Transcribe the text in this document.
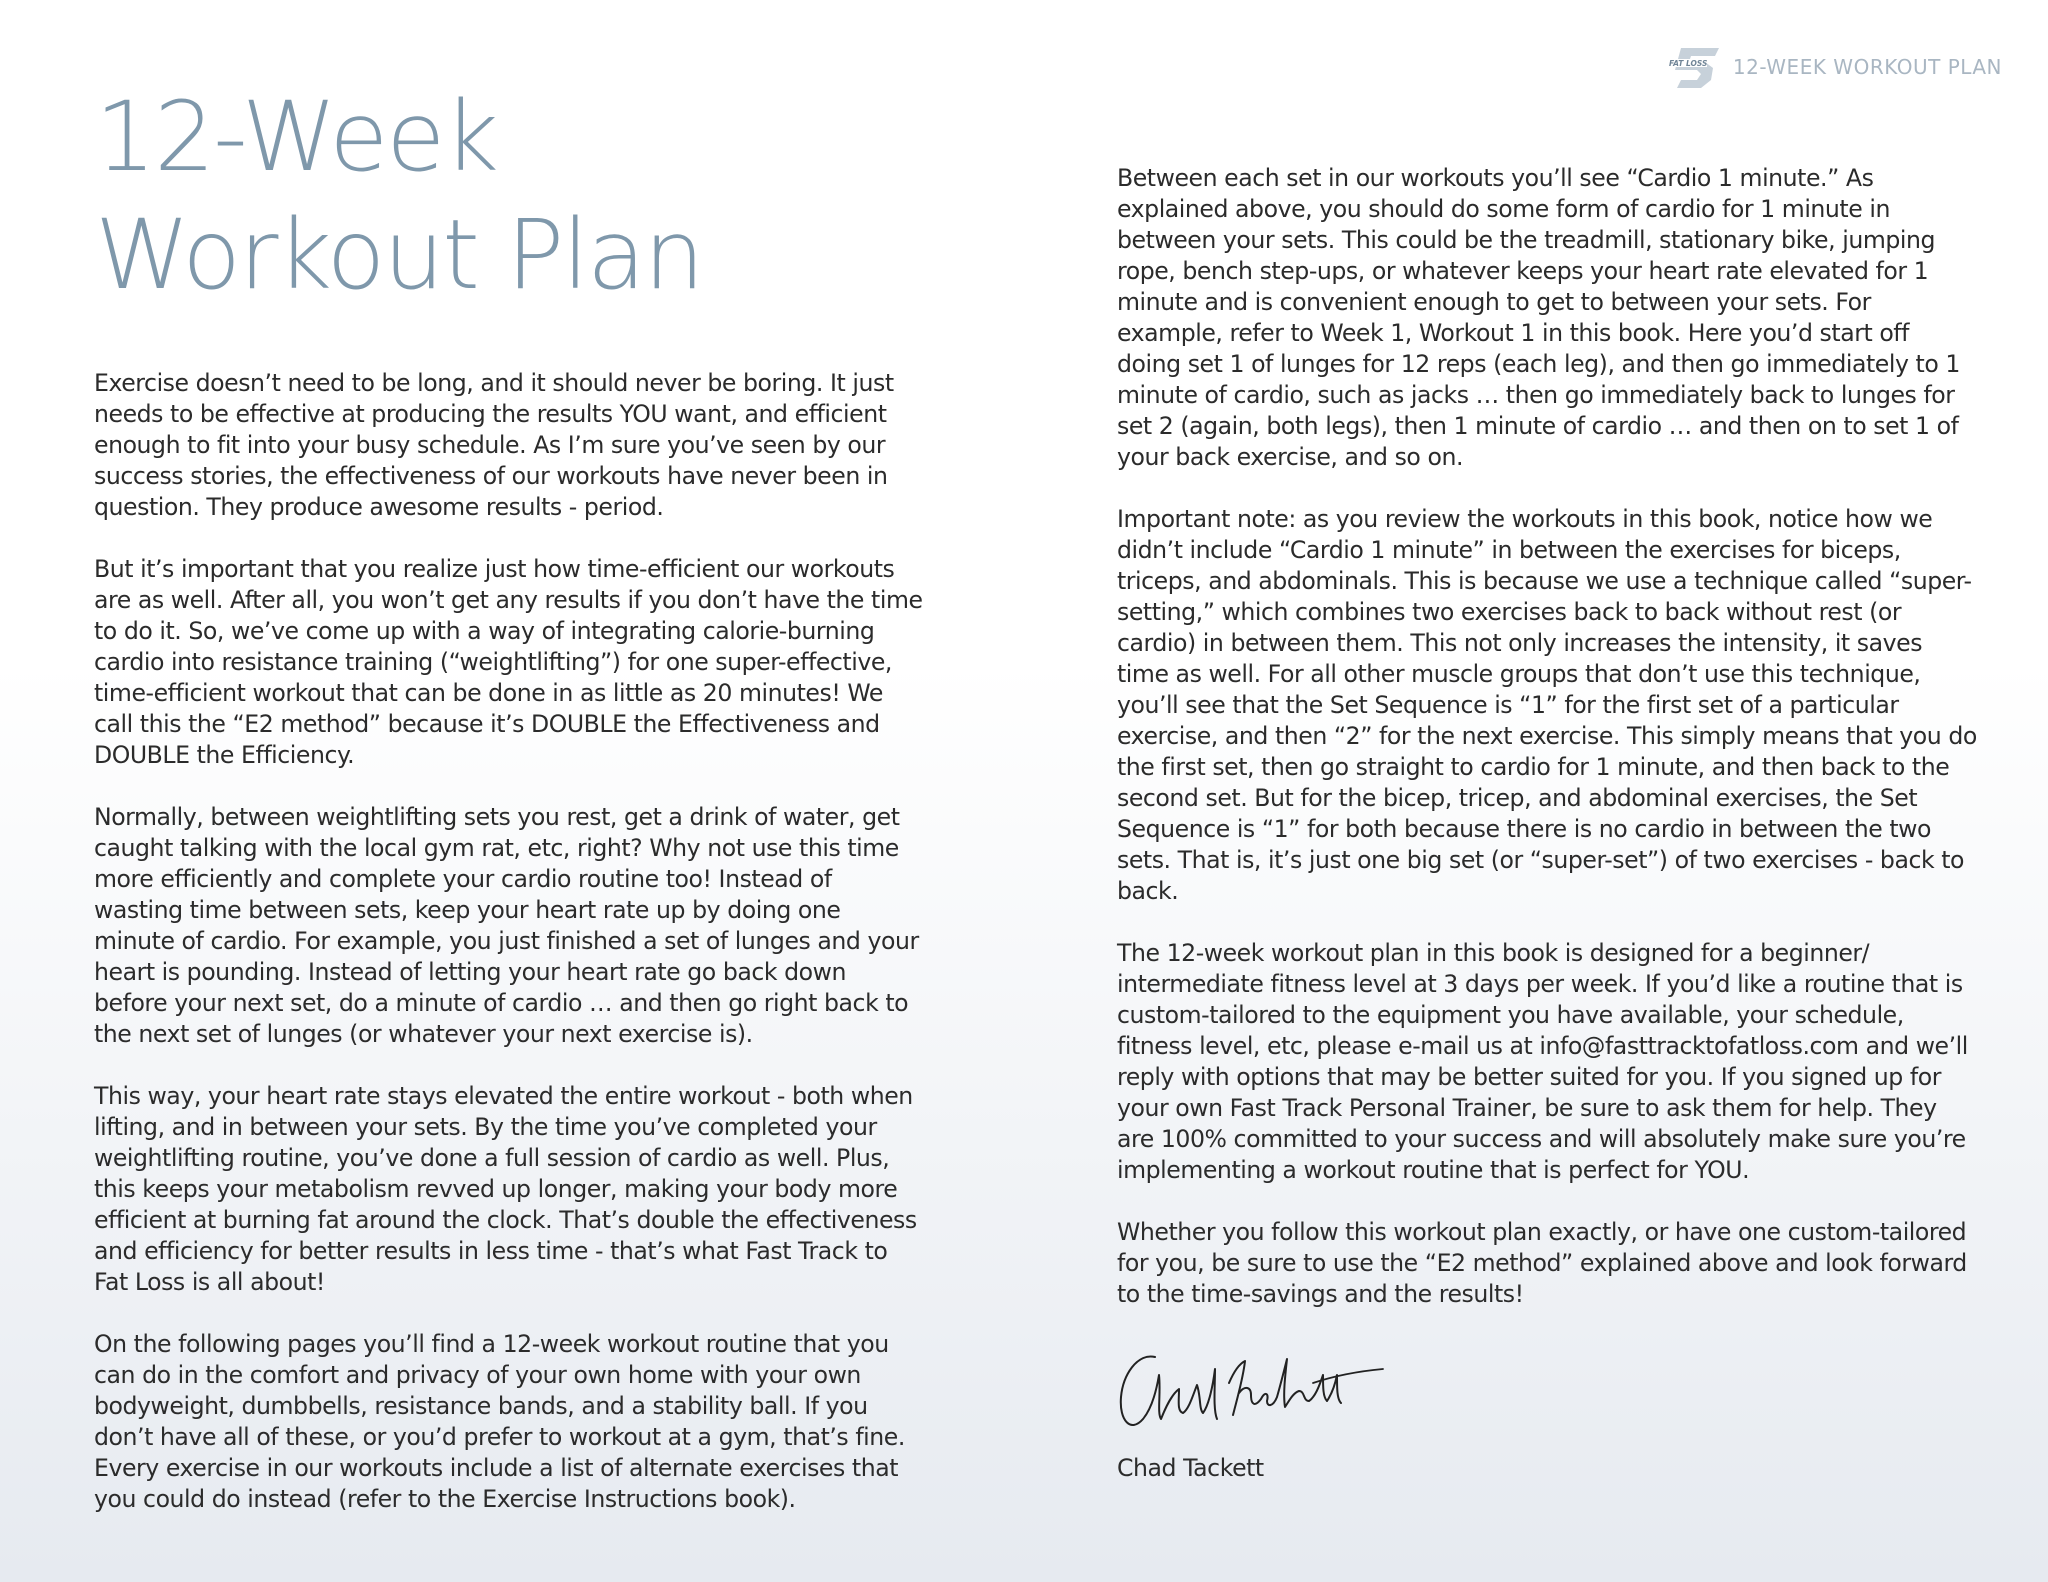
FAT LOSS
5
12-WEEK WORKOUT PLAN
12-Week
Workout Plan

Exercise doesn’t need to be long, and it should never be boring. It just needs to be effective at producing the results YOU want, and efficient enough to fit into your busy schedule. As I’m sure you’ve seen by our success stories, the effectiveness of our workouts have never been in question. They produce awesome results - period.

But it’s important that you realize just how time-efficient our workouts are as well. After all, you won’t get any results if you don’t have the time to do it. So, we’ve come up with a way of integrating calorie-burning cardio into resistance training (“weightlifting”) for one super-effective, time-efficient workout that can be done in as little as 20 minutes! We call this the “E2 method” because it’s DOUBLE the Effectiveness and DOUBLE the Efficiency.

Normally, between weightlifting sets you rest, get a drink of water, get caught talking with the local gym rat, etc, right? Why not use this time more efficiently and complete your cardio routine too! Instead of wasting time between sets, keep your heart rate up by doing one minute of cardio. For example, you just finished a set of lunges and your heart is pounding. Instead of letting your heart rate go back down before your next set, do a minute of cardio … and then go right back to the next set of lunges (or whatever your next exercise is).

This way, your heart rate stays elevated the entire workout - both when lifting, and in between your sets. By the time you’ve completed your weightlifting routine, you’ve done a full session of cardio as well. Plus, this keeps your metabolism revved up longer, making your body more efficient at burning fat around the clock. That’s double the effectiveness and efficiency for better results in less time - that’s what Fast Track to Fat Loss is all about!

On the following pages you’ll find a 12-week workout routine that you can do in the comfort and privacy of your own home with your own bodyweight, dumbbells, resistance bands, and a stability ball. If you don’t have all of these, or you’d prefer to workout at a gym, that’s fine. Every exercise in our workouts include a list of alternate exercises that you could do instead (refer to the Exercise Instructions book).

Between each set in our workouts you’ll see “Cardio 1 minute.” As explained above, you should do some form of cardio for 1 minute in between your sets. This could be the treadmill, stationary bike, jumping rope, bench step-ups, or whatever keeps your heart rate elevated for 1 minute and is convenient enough to get to between your sets. For example, refer to Week 1, Workout 1 in this book. Here you’d start off doing set 1 of lunges for 12 reps (each leg), and then go immediately to 1 minute of cardio, such as jacks … then go immediately back to lunges for set 2 (again, both legs), then 1 minute of cardio … and then on to set 1 of your back exercise, and so on.

Important note: as you review the workouts in this book, notice how we didn’t include “Cardio 1 minute” in between the exercises for biceps, triceps, and abdominals. This is because we use a technique called “super-setting,” which combines two exercises back to back without rest (or cardio) in between them. This not only increases the intensity, it saves time as well. For all other muscle groups that don’t use this technique, you’ll see that the Set Sequence is “1” for the first set of a particular exercise, and then “2” for the next exercise. This simply means that you do the first set, then go straight to cardio for 1 minute, and then back to the second set. But for the bicep, tricep, and abdominal exercises, the Set Sequence is “1” for both because there is no cardio in between the two sets. That is, it’s just one big set (or “super-set”) of two exercises - back to back.

The 12-week workout plan in this book is designed for a beginner/ intermediate fitness level at 3 days per week. If you’d like a routine that is custom-tailored to the equipment you have available, your schedule, fitness level, etc, please e-mail us at info@fasttracktofatloss.com and we’ll reply with options that may be better suited for you. If you signed up for your own Fast Track Personal Trainer, be sure to ask them for help. They are 100% committed to your success and will absolutely make sure you’re implementing a workout routine that is perfect for YOU.

Whether you follow this workout plan exactly, or have one custom-tailored for you, be sure to use the “E2 method” explained above and look forward to the time-savings and the results!

Chad Tackett
